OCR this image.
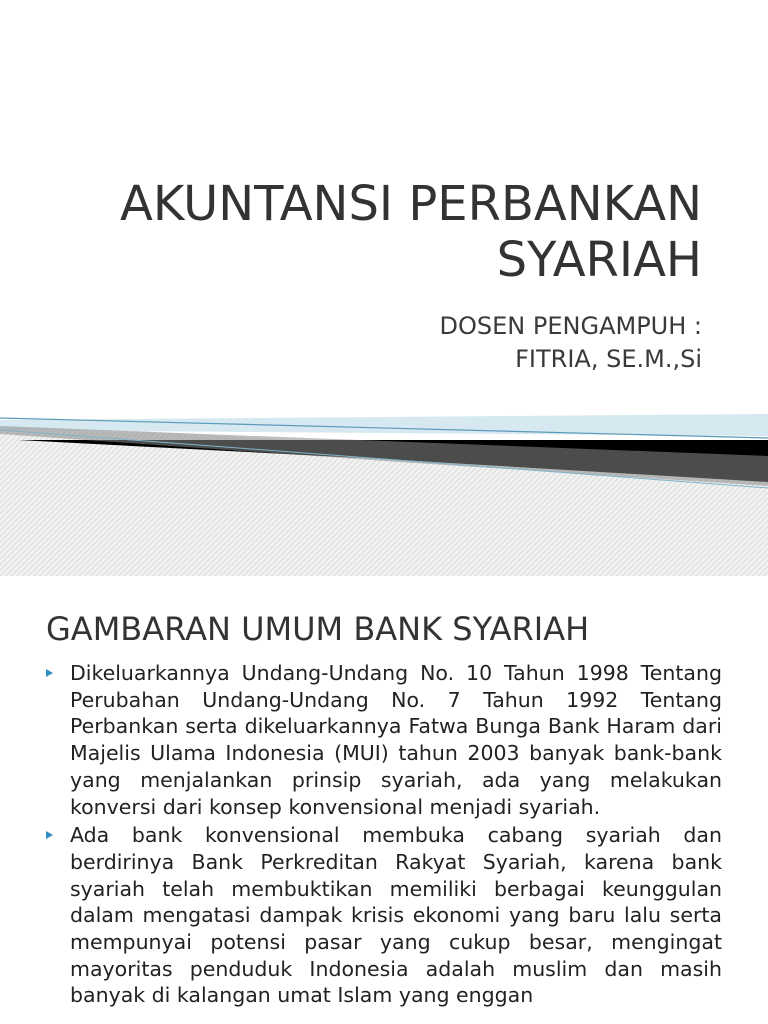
AKUNTANSI PERBANKAN
SYARIAH
DOSEN PENGAMPUH :
FITRIA, SE.M.,Si
GAMBARAN UMUM BANK SYARIAH
Dikeluarkannya Undang-Undang No. 10 Tahun 1998 Tentang Perubahan Undang-Undang No. 7 Tahun 1992 Tentang Perbankan serta dikeluarkannya Fatwa Bunga Bank Haram dari Majelis Ulama Indonesia (MUI) tahun 2003 banyak bank-bank yang menjalankan prinsip syariah, ada yang melakukan konversi dari konsep konvensional menjadi syariah.
Ada bank konvensional membuka cabang syariah dan berdirinya Bank Perkreditan Rakyat Syariah, karena bank syariah telah membuktikan memiliki berbagai keunggulan dalam mengatasi dampak krisis ekonomi yang baru lalu serta mempunyai potensi pasar yang cukup besar, mengingat mayoritas penduduk Indonesia adalah muslim dan masih banyak di kalangan umat Islam yang enggan
